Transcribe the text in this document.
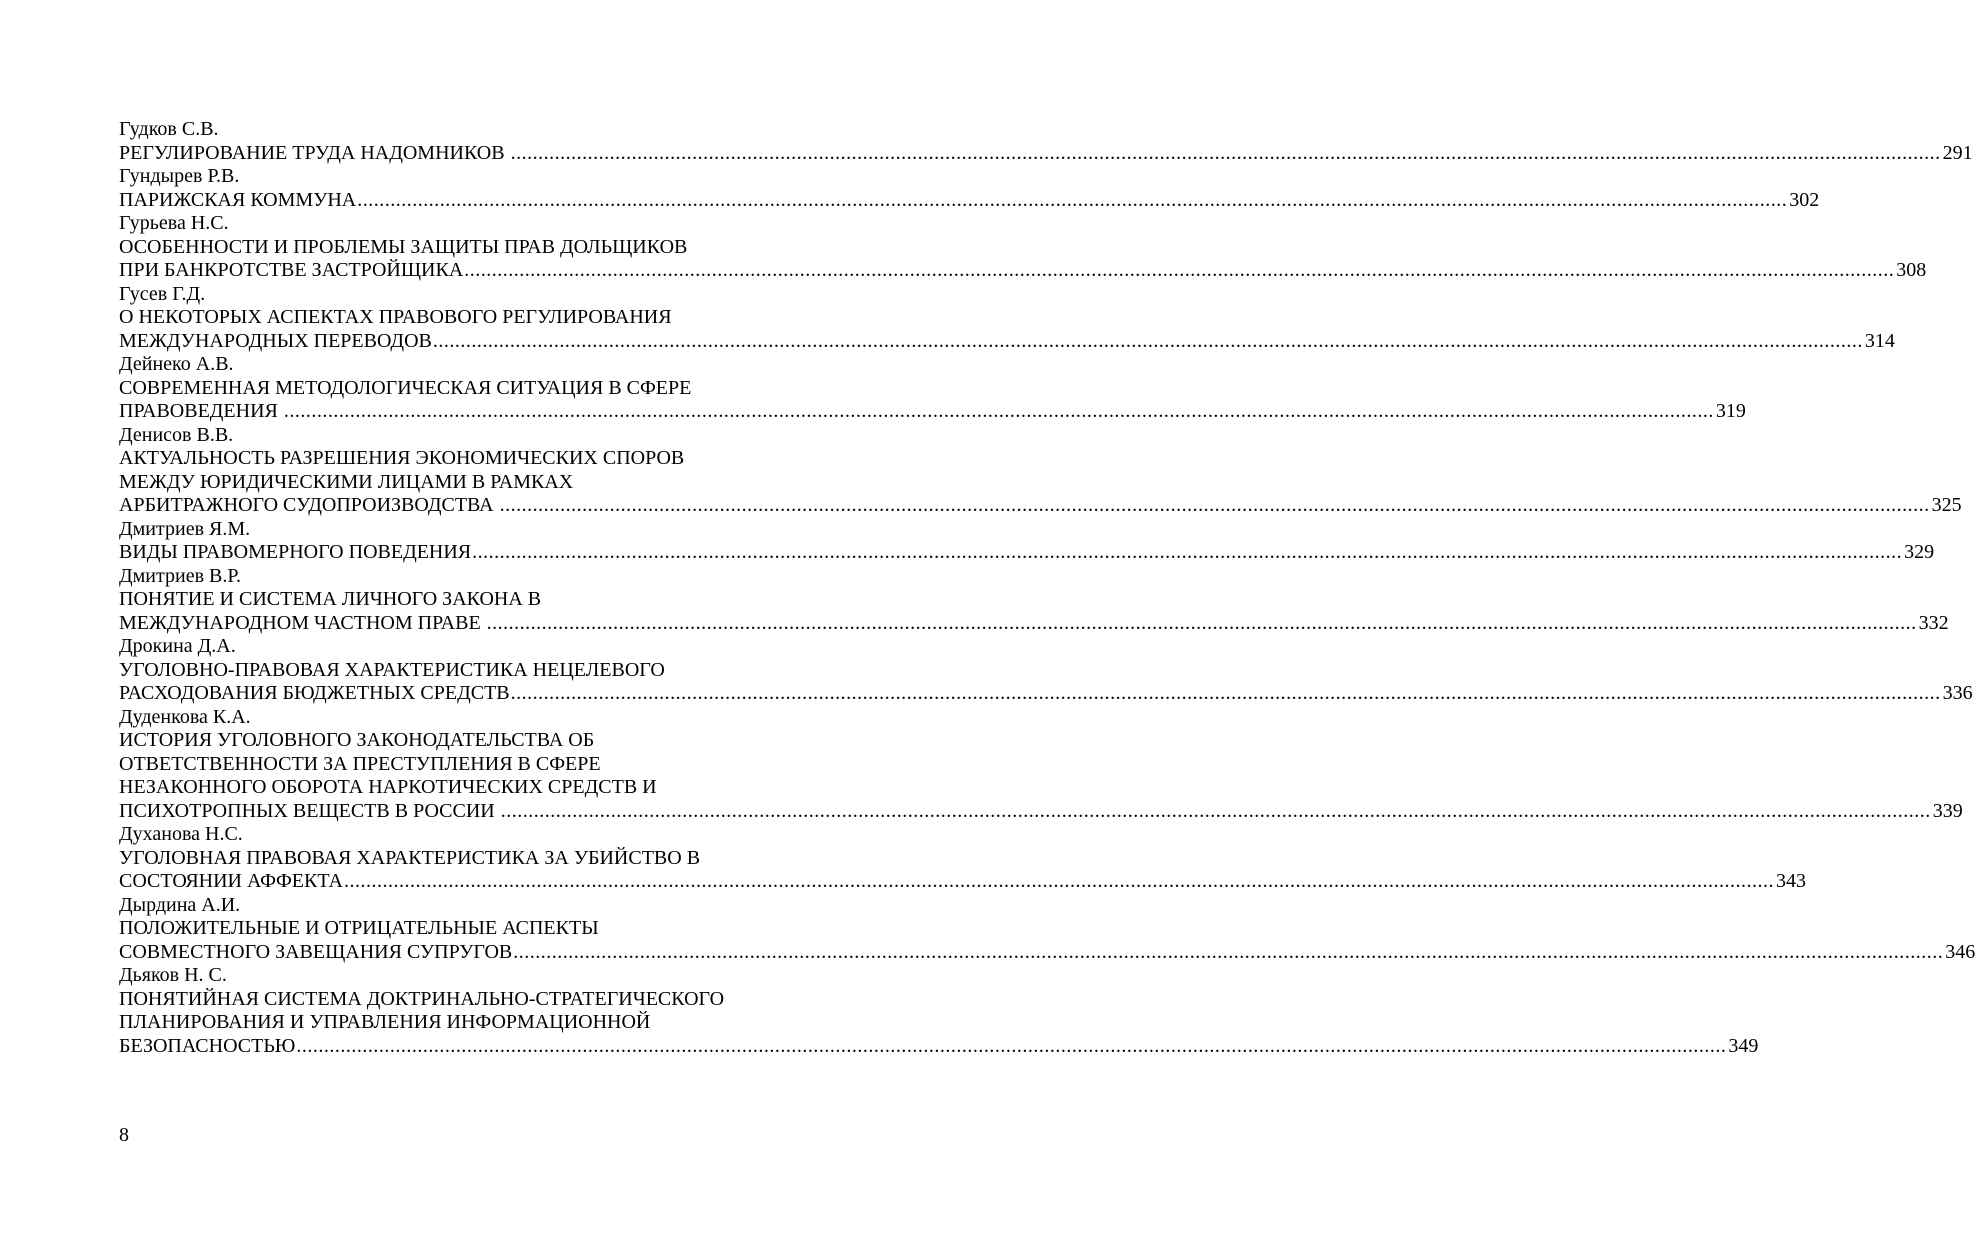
Гудков С.В.
РЕГУЛИРОВАНИЕ ТРУДА НАДОМНИКОВ .................................................................................................................................................................................................................................................................... 291
Гундырев Р.В.
ПАРИЖСКАЯ КОММУНА .................................................................................................................................................................................................................................................................... 302
Гурьева Н.С.
ОСОБЕННОСТИ И ПРОБЛЕМЫ ЗАЩИТЫ ПРАВ ДОЛЬЩИКОВ
ПРИ БАНКРОТСТВЕ ЗАСТРОЙЩИКА .................................................................................................................................................................................................................................................................... 308
Гусев Г.Д.
О НЕКОТОРЫХ АСПЕКТАХ ПРАВОВОГО РЕГУЛИРОВАНИЯ
МЕЖДУНАРОДНЫХ ПЕРЕВОДОВ .................................................................................................................................................................................................................................................................... 314
Дейнеко А.В.
СОВРЕМЕННАЯ МЕТОДОЛОГИЧЕСКАЯ СИТУАЦИЯ В СФЕРЕ
ПРАВОВЕДЕНИЯ .................................................................................................................................................................................................................................................................... 319
Денисов В.В.
АКТУАЛЬНОСТЬ РАЗРЕШЕНИЯ ЭКОНОМИЧЕСКИХ СПОРОВ
МЕЖДУ ЮРИДИЧЕСКИМИ ЛИЦАМИ В РАМКАХ
АРБИТРАЖНОГО СУДОПРОИЗВОДСТВА .................................................................................................................................................................................................................................................................... 325
Дмитриев Я.М.
ВИДЫ ПРАВОМЕРНОГО ПОВЕДЕНИЯ .................................................................................................................................................................................................................................................................... 329
Дмитриев В.Р.
ПОНЯТИЕ И СИСТЕМА ЛИЧНОГО ЗАКОНА В
МЕЖДУНАРОДНОМ ЧАСТНОМ ПРАВЕ .................................................................................................................................................................................................................................................................... 332
Дрокина Д.А.
УГОЛОВНО-ПРАВОВАЯ ХАРАКТЕРИСТИКА НЕЦЕЛЕВОГО
РАСХОДОВАНИЯ БЮДЖЕТНЫХ СРЕДСТВ .................................................................................................................................................................................................................................................................... 336
Дуденкова К.А.
ИСТОРИЯ УГОЛОВНОГО ЗАКОНОДАТЕЛЬСТВА ОБ
ОТВЕТСТВЕННОСТИ ЗА ПРЕСТУПЛЕНИЯ В СФЕРЕ
НЕЗАКОННОГО ОБОРОТА НАРКОТИЧЕСКИХ СРЕДСТВ И
ПСИХОТРОПНЫХ ВЕЩЕСТВ В РОССИИ .................................................................................................................................................................................................................................................................... 339
Духанова Н.С.
УГОЛОВНАЯ ПРАВОВАЯ ХАРАКТЕРИСТИКА ЗА УБИЙСТВО В
СОСТОЯНИИ АФФЕКТА .................................................................................................................................................................................................................................................................... 343
Дырдина А.И.
ПОЛОЖИТЕЛЬНЫЕ И ОТРИЦАТЕЛЬНЫЕ АСПЕКТЫ
СОВМЕСТНОГО ЗАВЕЩАНИЯ СУПРУГОВ .................................................................................................................................................................................................................................................................... 346
Дьяков Н. С.
ПОНЯТИЙНАЯ СИСТЕМА ДОКТРИНАЛЬНО-СТРАТЕГИЧЕСКОГО
ПЛАНИРОВАНИЯ И УПРАВЛЕНИЯ ИНФОРМАЦИОННОЙ
БЕЗОПАСНОСТЬЮ .................................................................................................................................................................................................................................................................... 349
8
